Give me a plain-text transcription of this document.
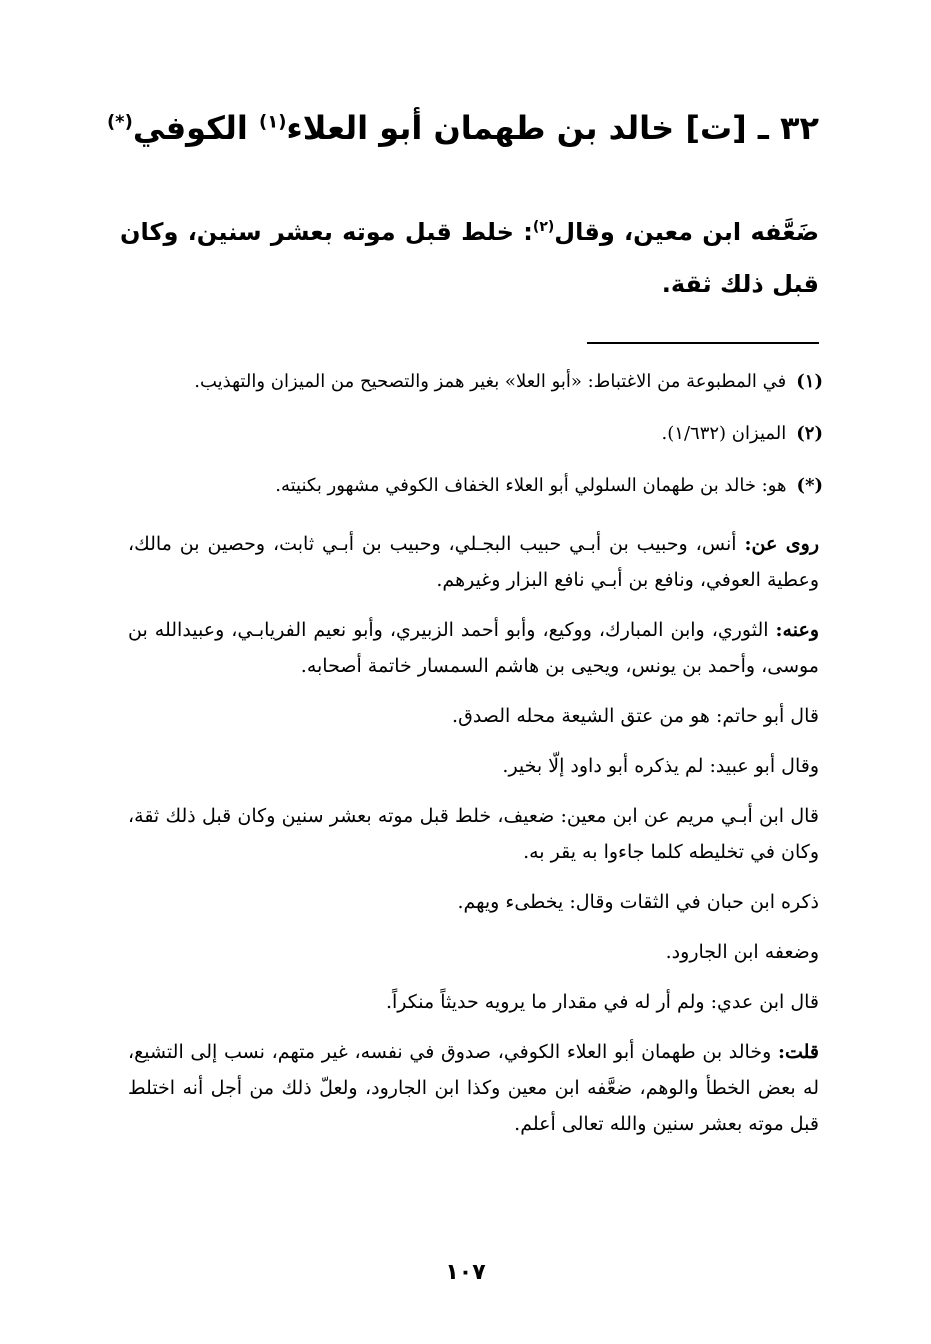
٣٢ ـ [ت] خالد بن طهمان أبو العلاء$^{(١)}$ الكوفي(*)
ضَعَّفه ابن معين، وقال$^{(٢)}$: خلط قبل موته بعشر سنين، وكان قبل ذلك ثقة.
(١)في المطبوعة من الاغتباط: «أبو العلا» بغير همز والتصحيح من الميزان والتهذيب.
(٢)الميزان (١/٦٣٢).
(*)هو: خالد بن طهمان السلولي أبو العلاء الخفاف الكوفي مشهور بكنيته.

روى عن: أنس، وحبيب بن أبـي حبيب البجـلي، وحبيب بن أبـي ثابت، وحصين بن مالك، وعطية العوفي، ونافع بن أبـي نافع البزار وغيرهم.

وعنه: الثوري، وابن المبارك، ووكيع، وأبو أحمد الزبيري، وأبو نعيم الفريابـي، وعبيدالله بن موسى، وأحمد بن يونس، ويحيى بن هاشم السمسار خاتمة أصحابه.

قال أبو حاتم: هو من عتق الشيعة محله الصدق.

وقال أبو عبيد: لم يذكره أبو داود إلّا بخير.

قال ابن أبـي مريم عن ابن معين: ضعيف، خلط قبل موته بعشر سنين وكان قبل ذلك ثقة، وكان في تخليطه كلما جاءوا به يقر به.

ذكره ابن حبان في الثقات وقال: يخطىء ويهم.

وضعفه ابن الجارود.

قال ابن عدي: ولم أر له في مقدار ما يرويه حديثاً منكراً.

قلت: وخالد بن طهمان أبو العلاء الكوفي، صدوق في نفسه، غير متهم، نسب إلى التشيع، له بعض الخطأ والوهم، ضعَّفه ابن معين وكذا ابن الجارود، ولعلّ ذلك من أجل أنه اختلط قبل موته بعشر سنين والله تعالى أعلم.

١٠٧
